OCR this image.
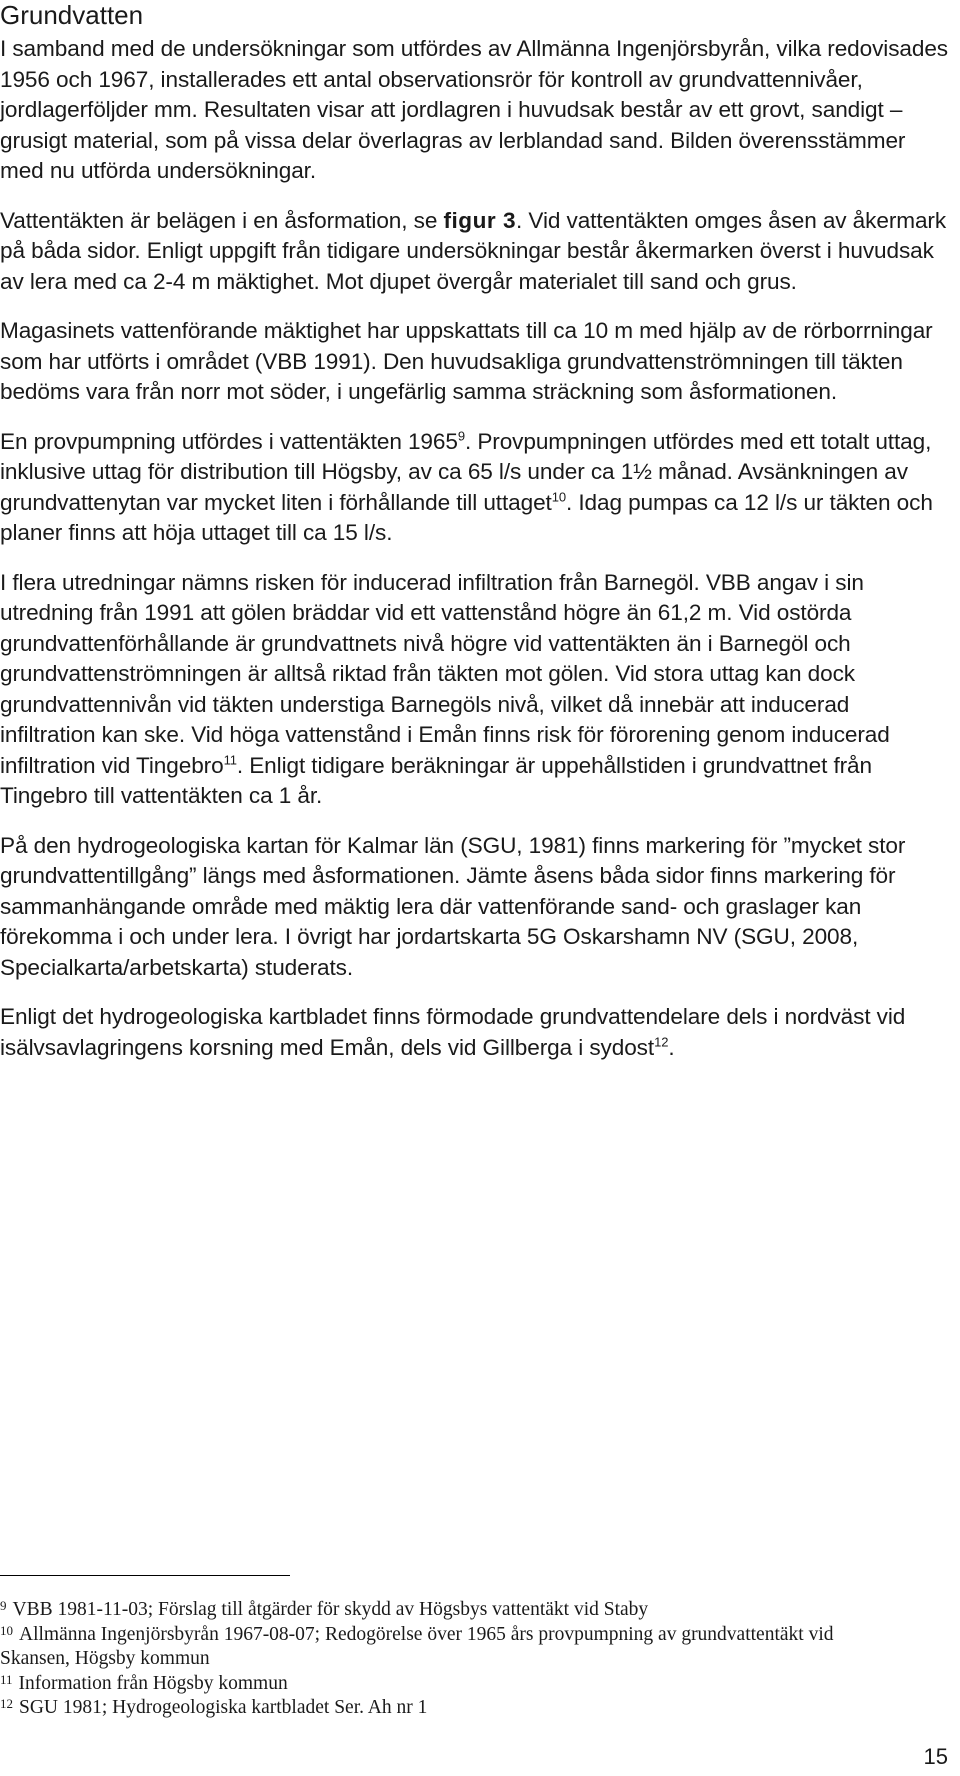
Grundvatten

I samband med de undersökningar som utfördes av Allmänna Ingenjörsbyrån, vilka redovisades 1956 och 1967, installerades ett antal observationsrör för kontroll av grundvattennivåer, jordlagerföljder mm. Resultaten visar att jordlagren i huvudsak består av ett grovt, sandigt – grusigt material, som på vissa delar överlagras av lerblandad sand. Bilden överensstämmer med nu utförda undersökningar.

Vattentäkten är belägen i en åsformation, se figur 3. Vid vattentäkten omges åsen av åkermark på båda sidor. Enligt uppgift från tidigare undersökningar består åkermarken överst i huvudsak av lera med ca 2-4 m mäktighet. Mot djupet övergår materialet till sand och grus.

Magasinets vattenförande mäktighet har uppskattats till ca 10 m med hjälp av de rörborrningar som har utförts i området (VBB 1991). Den huvudsakliga grundvattenströmningen till täkten bedöms vara från norr mot söder, i ungefärlig samma sträckning som åsformationen.

En provpumpning utfördes i vattentäkten 1965$^9$. Provpumpningen utfördes med ett totalt uttag, inklusive uttag för distribution till Högsby, av ca 65 l/s under ca 1½ månad. Avsänkningen av grundvattenytan var mycket liten i förhållande till uttaget$^{10}$. Idag pumpas ca 12 l/s ur täkten och planer finns att höja uttaget till ca 15 l/s.

I flera utredningar nämns risken för inducerad infiltration från Barnegöl. VBB angav i sin utredning från 1991 att gölen bräddar vid ett vattenstånd högre än 61,2 m. Vid ostörda grundvattenförhållande är grundvattnets nivå högre vid vattentäkten än i Barnegöl och grundvattenströmningen är alltså riktad från täkten mot gölen. Vid stora uttag kan dock grundvattennivån vid täkten understiga Barnegöls nivå, vilket då innebär att inducerad infiltration kan ske. Vid höga vattenstånd i Emån finns risk för förorening genom inducerad infiltration vid Tingebro$^{11}$. Enligt tidigare beräkningar är uppehållstiden i grundvattnet från Tingebro till vattentäkten ca 1 år.

På den hydrogeologiska kartan för Kalmar län (SGU, 1981) finns markering för ”mycket stor grundvattentillgång” längs med åsformationen. Jämte åsens båda sidor finns markering för sammanhängande område med mäktig lera där vattenförande sand- och graslager kan förekomma i och under lera. I övrigt har jordartskarta 5G Oskarshamn NV (SGU, 2008, Specialkarta/arbetskarta) studerats.

Enligt det hydrogeologiska kartbladet finns förmodade grundvattendelare dels i nordväst vid isälvsavlagringens korsning med Emån, dels vid Gillberga i sydost$^{12}$.

$^9$ VBB 1981-11-03; Förslag till åtgärder för skydd av Högsbys vattentäkt vid Staby

$^{10}$ Allmänna Ingenjörsbyrån 1967-08-07; Redogörelse över 1965 års provpumpning av grundvattentäkt vid Skansen, Högsby kommun

$^{11}$ Information från Högsby kommun

$^{12}$ SGU 1981; Hydrogeologiska kartbladet Ser. Ah nr 1

15
